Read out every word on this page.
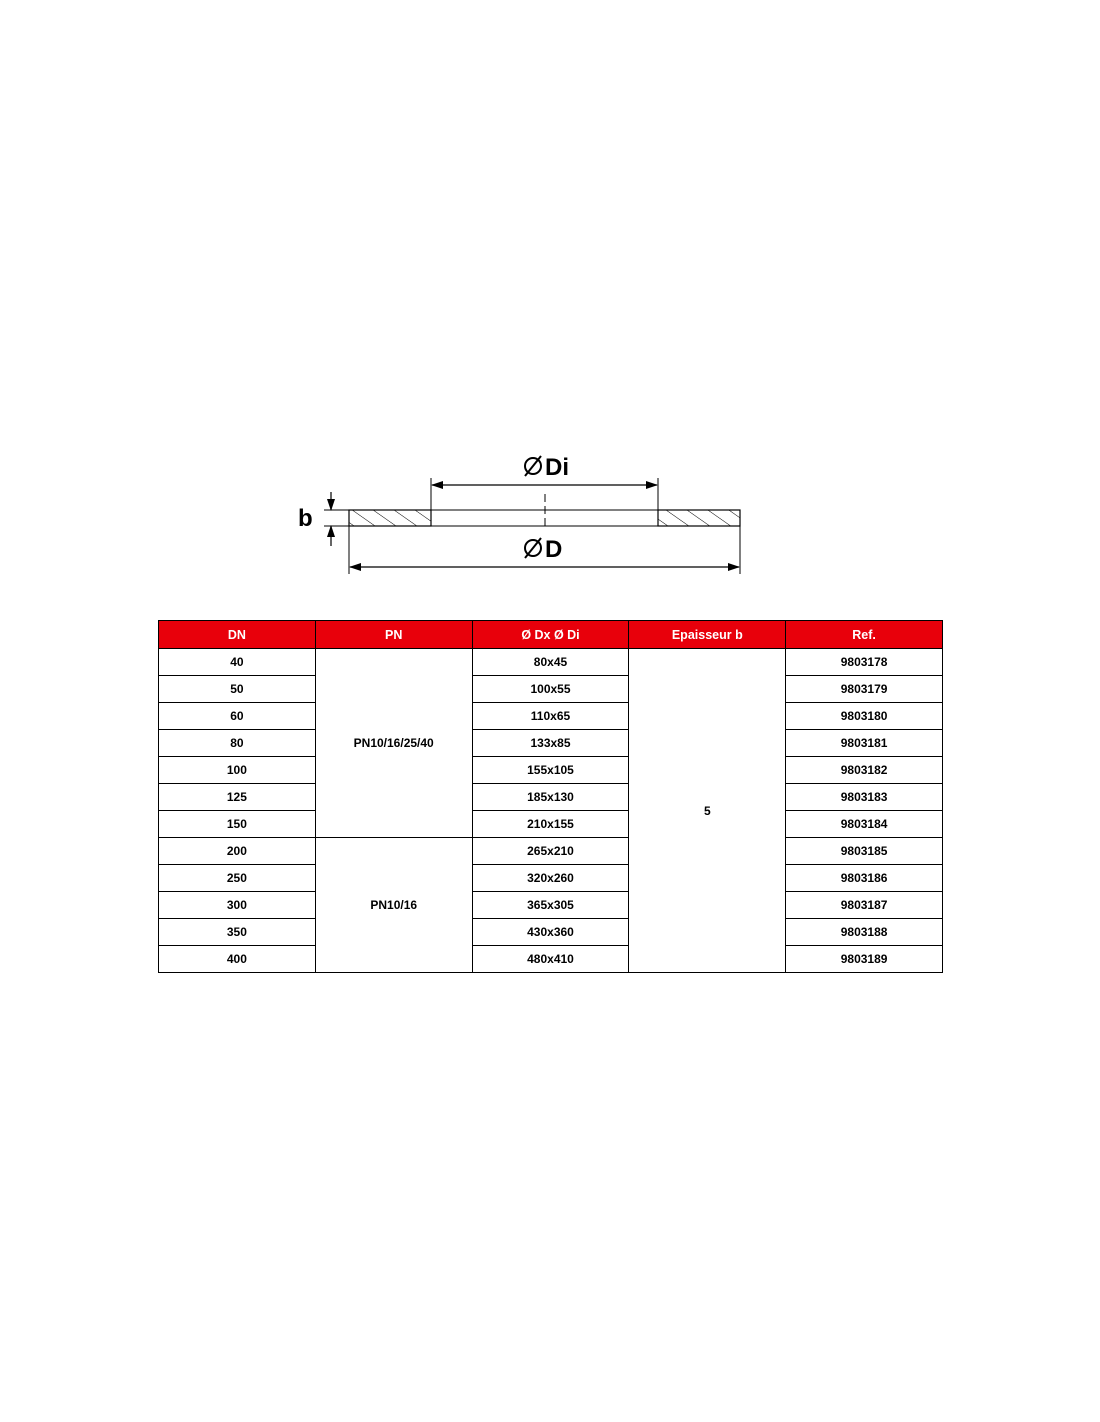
Di
b
D
DN	PN	Ø Dx Ø Di	Epaisseur b	Ref.
40	PN10/16/25/40	80x45	5	9803178
50		100x55		9803179
60		110x65		9803180
80		133x85		9803181
100		155x105		9803182
125		185x130		9803183
150		210x155		9803184
200	PN10/16	265x210		9803185
250		320x260		9803186
300		365x305		9803187
350		430x360		9803188
400		480x410		9803189
